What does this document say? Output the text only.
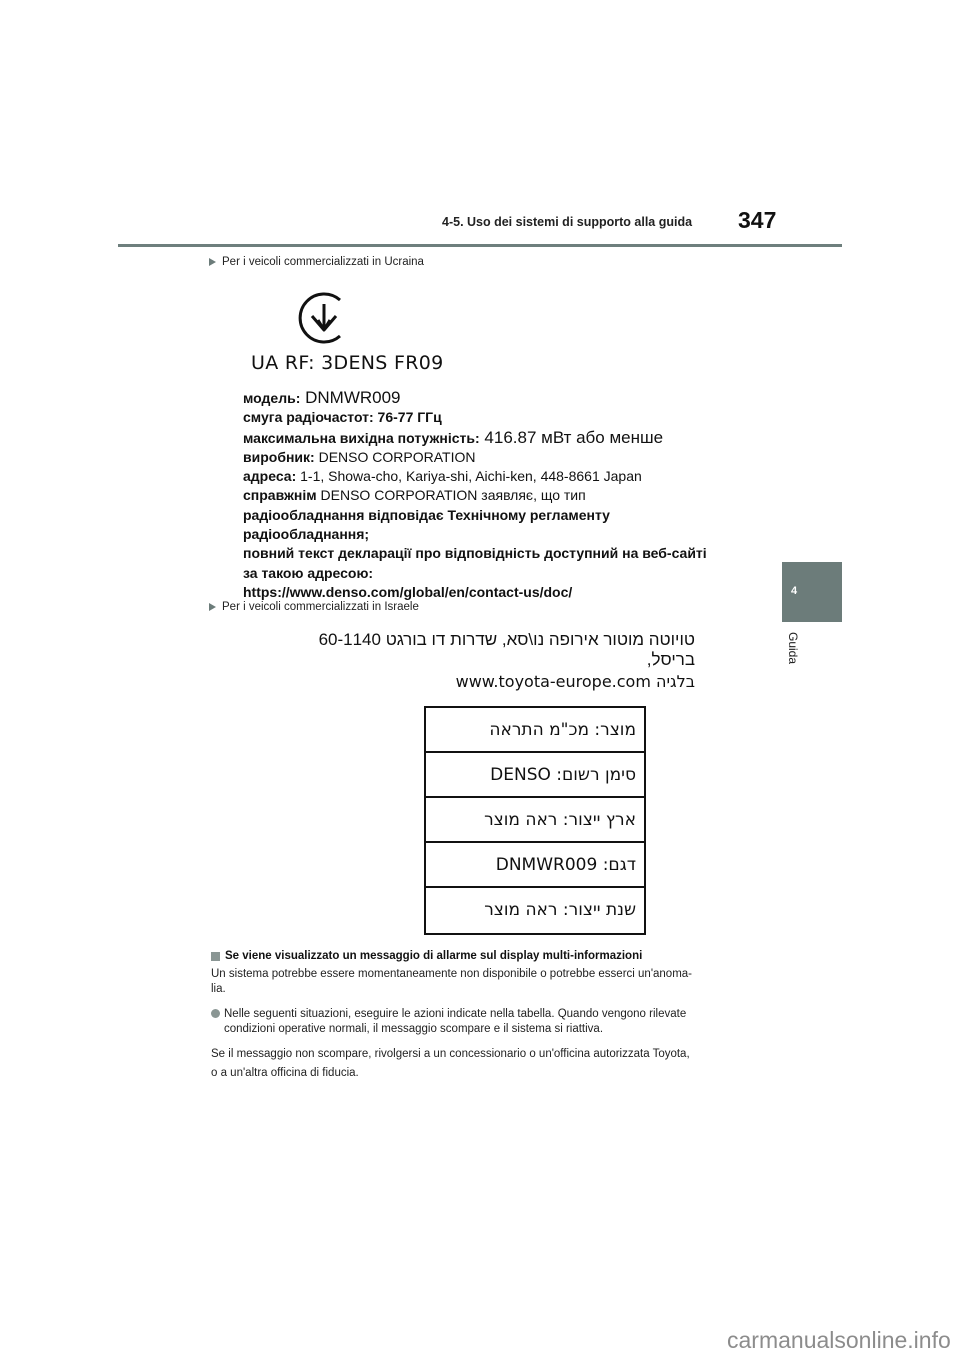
4-5. Uso dei sistemi di supporto alla guida 347
4
Guida
Per i veicoli commercializzati in Ucraina
UA RF: 3DENS FR09
модель: DNMWR009
смуга радіочастот: 76-77 ГГц
максимальна вихідна потужність: 416.87 мВт або менше
виробник: DENSO CORPORATION
адреса: 1-1, Showa-cho, Kariya-shi, Aichi-ken, 448-8661 Japan
справжнім DENSO CORPORATION заявляє, що тип
радіообладнання відповідає Технічному регламенту
радіообладнання;
повний текст декларації про відповідність доступний на веб-сайті
за такою адресою:
https://www.denso.com/global/en/contact-us/doc/
Per i veicoli commercializzati in Israele
טויוטה מוטור אירופה נו\סא, שדרות דו בורגט 60-1140 בריסל,
בלגיה www.toyota-europe.com
מוצר: מכ"מ התראה
סימן רשום: DENSO
ארץ ייצור: ראה מוצר
דגם: DNMWR009
שנת ייצור: ראה מוצר
Se viene visualizzato un messaggio di allarme sul display multi-informazioni
Un sistema potrebbe essere momentaneamente non disponibile o potrebbe esserci un'anoma-
lia.
Nelle seguenti situazioni, eseguire le azioni indicate nella tabella. Quando vengono rilevate
condizioni operative normali, il messaggio scompare e il sistema si riattiva.
Se il messaggio non scompare, rivolgersi a un concessionario o un'officina autorizzata Toyota,
o a un'altra officina di fiducia.
carmanualsonline.info
